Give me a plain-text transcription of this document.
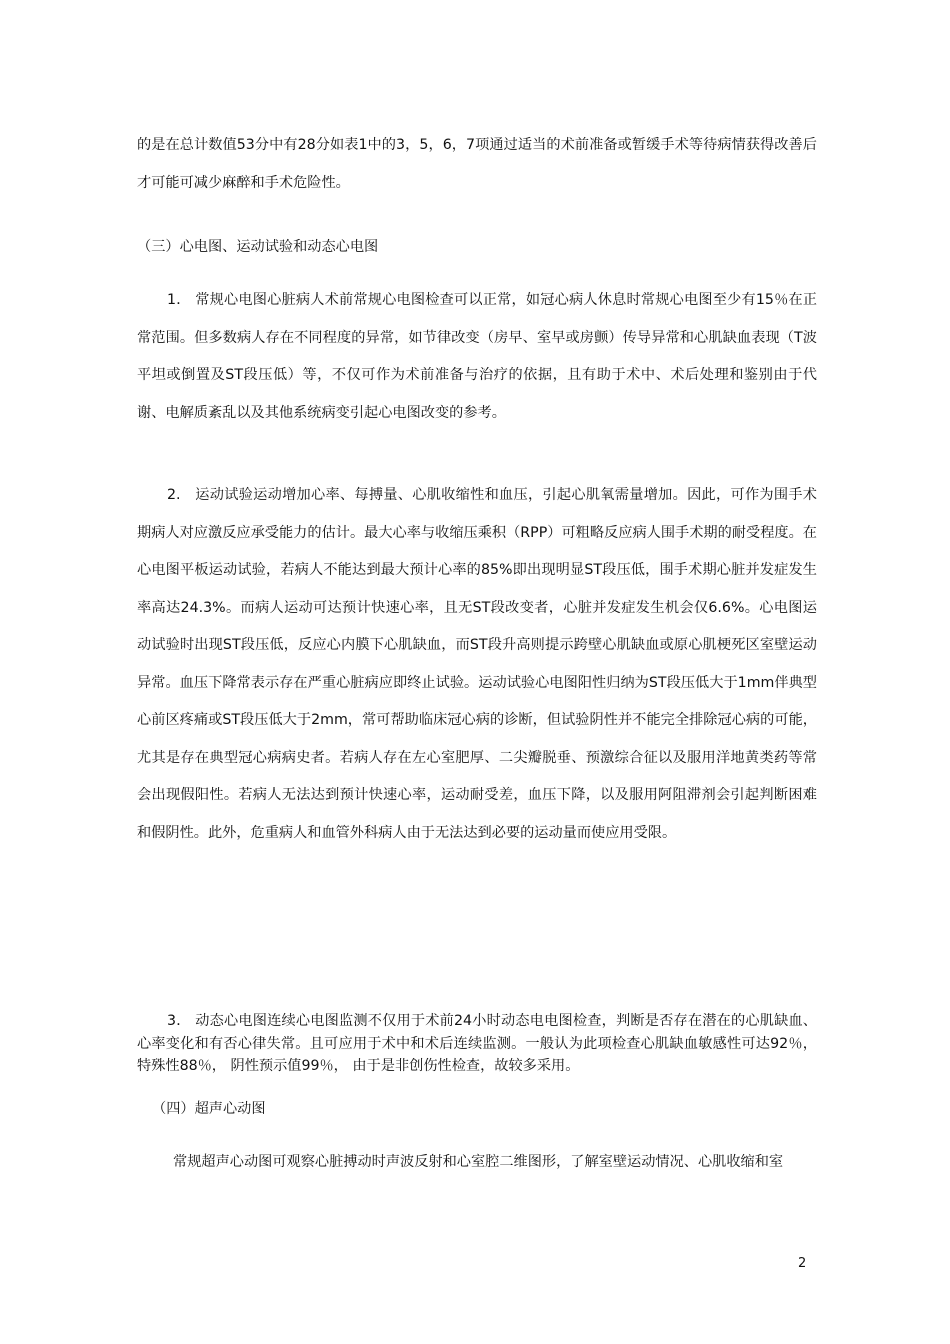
的是在总计数值53分中有28分如表1中的3，5，6，7项通过适当的术前准备或暂缓手术等待病情获得改善后才可能可减少麻醉和手术危险性。

（三）心电图、运动试验和动态心电图

1． 常规心电图心脏病人术前常规心电图检查可以正常，如冠心病人休息时常规心电图至少有15％在正常范围。但多数病人存在不同程度的异常，如节律改变（房早、室早或房颤）传导异常和心肌缺血表现（T波平坦或倒置及ST段压低）等，不仅可作为术前准备与治疗的依据，且有助于术中、术后处理和鉴别由于代谢、电解质紊乱以及其他系统病变引起心电图改变的参考。

2.　运动试验运动增加心率、每搏量、心肌收缩性和血压，引起心肌氧需量增加。因此，可作为围手术期病人对应激反应承受能力的估计。最大心率与收缩压乘积（RPP）可粗略反应病人围手术期的耐受程度。在心电图平板运动试验，若病人不能达到最大预计心率的85%即出现明显ST段压低，围手术期心脏并发症发生率高达24.3%。而病人运动可达预计快速心率，且无ST段改变者，心脏并发症发生机会仅6.6%。心电图运动试验时出现ST段压低，反应心内膜下心肌缺血，而ST段升高则提示跨壁心肌缺血或原心肌梗死区室壁运动异常。血压下降常表示存在严重心脏病应即终止试验。运动试验心电图阳性归纳为ST段压低大于1mm伴典型心前区疼痛或ST段压低大于2mm，常可帮助临床冠心病的诊断，但试验阴性并不能完全排除冠心病的可能，尤其是存在典型冠心病病史者。若病人存在左心室肥厚、二尖瓣脱垂、预激综合征以及服用洋地黄类药等常会出现假阳性。若病人无法达到预计快速心率，运动耐受差，血压下降，以及服用阿阻滞剂会引起判断困难和假阴性。此外，危重病人和血管外科病人由于无法达到必要的运动量而使应用受限。

3． 动态心电图连续心电图监测不仅用于术前24小时动态电电图检查，判断是否存在潜在的心肌缺血、心率变化和有否心律失常。且可应用于术中和术后连续监测。一般认为此项检查心肌缺血敏感性可达92％， 特殊性88％， 阴性预示值99％， 由于是非创伤性检查，故较多采用。

（四）超声心动图

常规超声心动图可观察心脏搏动时声波反射和心室腔二维图形，了解室壁运动情况、心肌收缩和室

2
